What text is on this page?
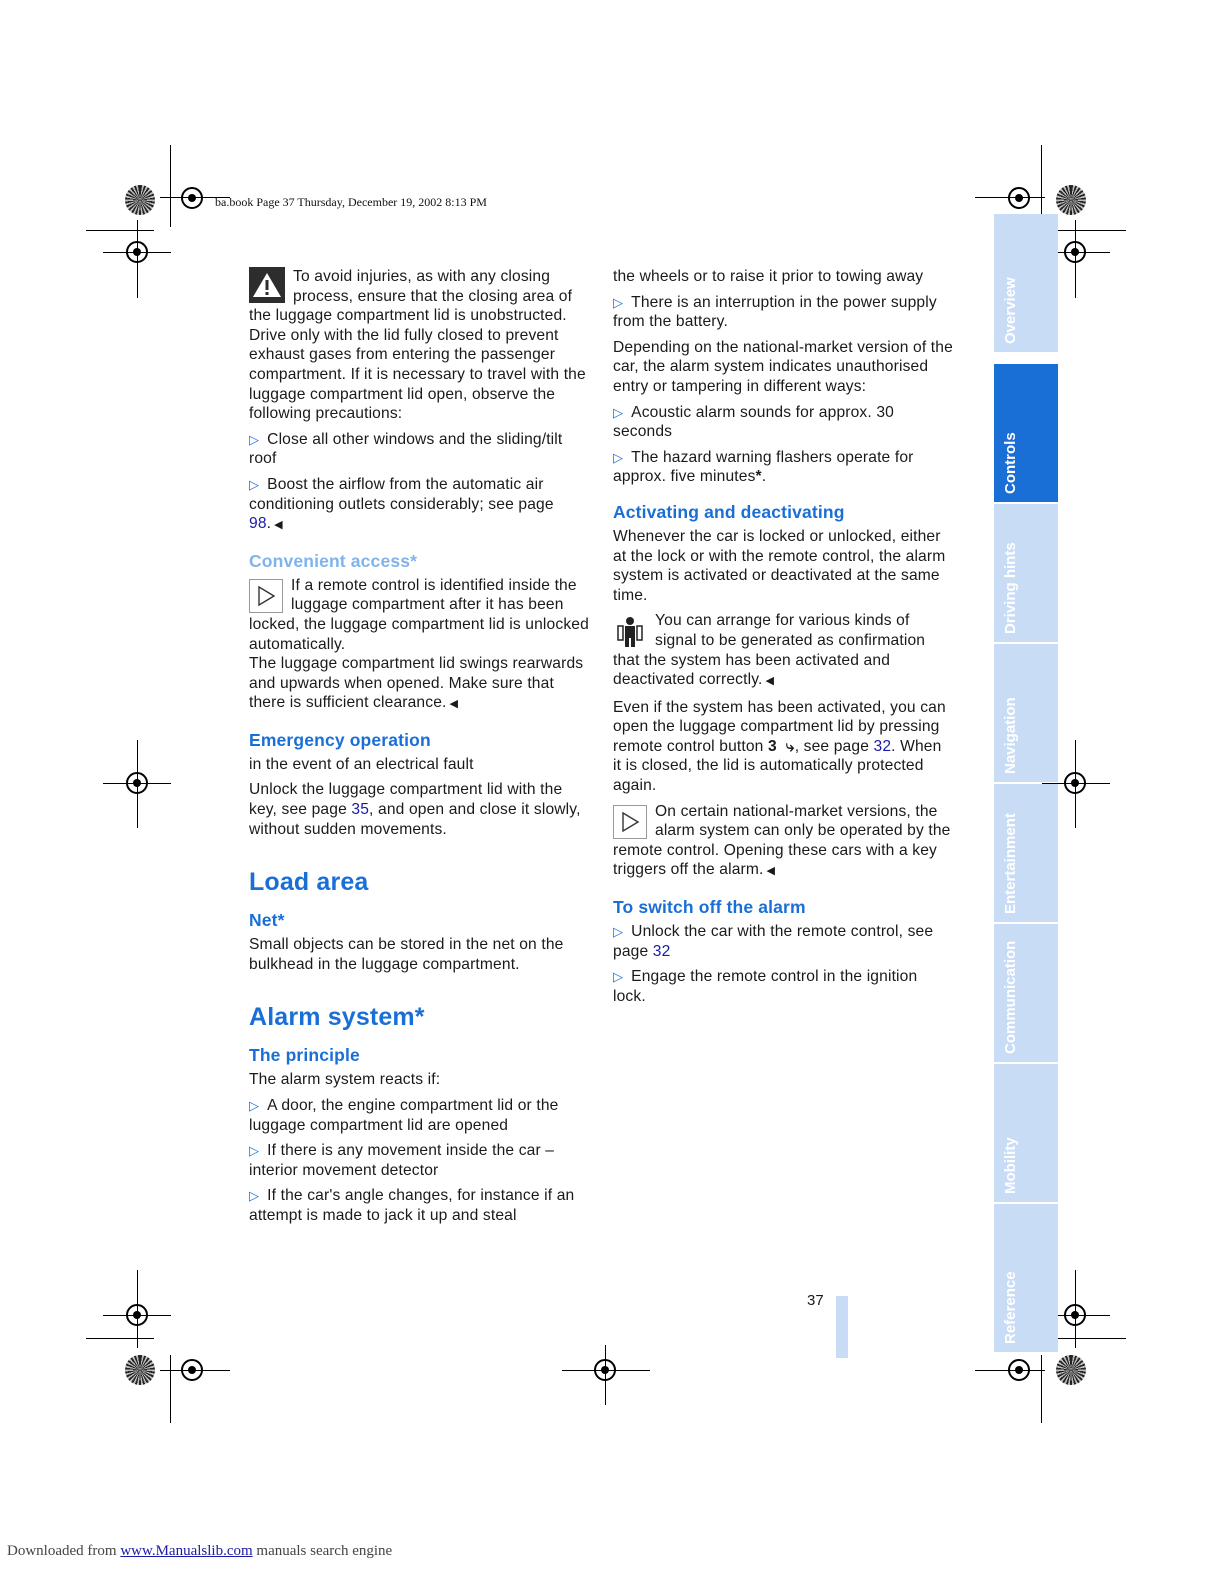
ba.book Page 37 Thursday, December 19, 2002 8:13 PM

To avoid injuries, as with any closing process, ensure that the closing area of the luggage compartment lid is unobstructed. Drive only with the lid fully closed to prevent exhaust gases from entering the passenger compartment. If it is necessary to travel with the luggage compartment lid open, observe the following precautions:

▷ Close all other windows and the sliding/tilt roof

▷ Boost the airflow from the automatic air conditioning outlets considerably; see page 98. ◀

Convenient access*

If a remote control is identified inside the luggage compartment after it has been locked, the luggage compartment lid is unlocked automatically.

The luggage compartment lid swings rearwards and upwards when opened. Make sure that there is sufficient clearance. ◀

Emergency operation

in the event of an electrical fault

Unlock the luggage compartment lid with the key, see page 35, and open and close it slowly, without sudden movements.

Load area
Net*

Small objects can be stored in the net on the bulkhead in the luggage compartment.

Alarm system*
The principle

The alarm system reacts if:

▷ A door, the engine compartment lid or the luggage compartment lid are opened

▷ If there is any movement inside the car – interior movement detector

▷ If the car's angle changes, for instance if an attempt is made to jack it up and steal

the wheels or to raise it prior to towing away

▷ There is an interruption in the power supply from the battery.

Depending on the national-market version of the car, the alarm system indicates unauthorised entry or tampering in different ways:

▷ Acoustic alarm sounds for approx. 30 seconds

▷ The hazard warning flashers operate for approx. five minutes*.

Activating and deactivating

Whenever the car is locked or unlocked, either at the lock or with the remote control, the alarm system is activated or deactivated at the same time.

You can arrange for various kinds of signal to be generated as confirmation that the system has been activated and deactivated correctly. ◀

Even if the system has been activated, you can open the luggage compartment lid by pressing remote control button 3 ⤷, see page 32. When it is closed, the lid is automatically protected again.

On certain national-market versions, the alarm system can only be operated by the remote control. Opening these cars with a key triggers off the alarm. ◀

To switch off the alarm

▷ Unlock the car with the remote control, see page 32

▷ Engage the remote control in the ignition lock.

Overview
Controls
Driving hints
Navigation
Entertainment
Communication
Mobility
Reference
37
Downloaded from www.Manualslib.com manuals search engine
